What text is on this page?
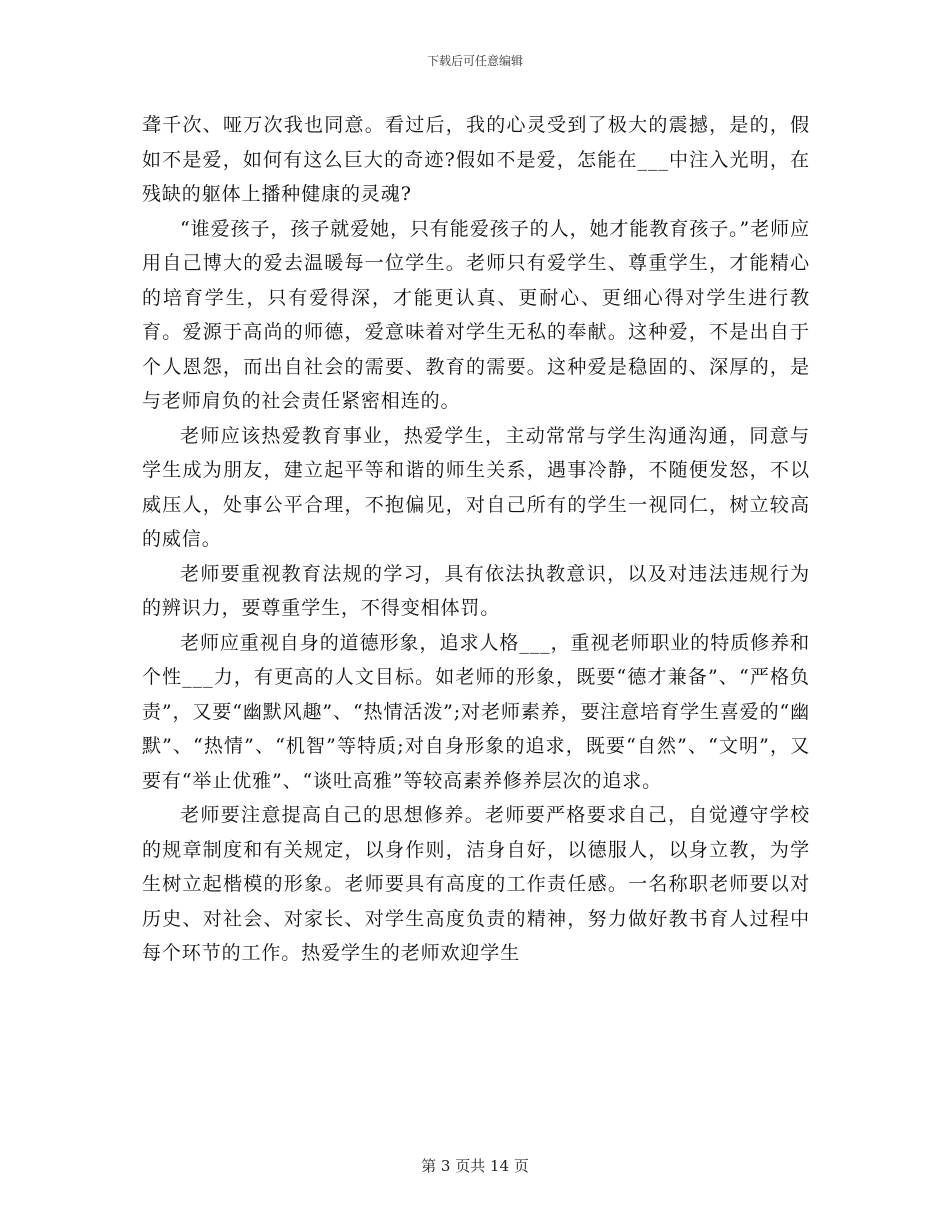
下载后可任意编辑

聋千次、哑万次我也同意。看过后，我的心灵受到了极大的震撼，是的，假如不是爱，如何有这么巨大的奇迹?假如不是爱，怎能在___中注入光明，在残缺的躯体上播种健康的灵魂?

“谁爱孩子，孩子就爱她，只有能爱孩子的人，她才能教育孩子。”老师应用自己博大的爱去温暖每一位学生。老师只有爱学生、尊重学生，才能精心的培育学生，只有爱得深，才能更认真、更耐心、更细心得对学生进行教育。爱源于高尚的师德，爱意味着对学生无私的奉献。这种爱，不是出自于个人恩怨，而出自社会的需要、教育的需要。这种爱是稳固的、深厚的，是与老师肩负的社会责任紧密相连的。

老师应该热爱教育事业，热爱学生，主动常常与学生沟通沟通，同意与学生成为朋友，建立起平等和谐的师生关系，遇事冷静，不随便发怒，不以威压人，处事公平合理，不抱偏见，对自己所有的学生一视同仁，树立较高的威信。

老师要重视教育法规的学习，具有依法执教意识，以及对违法违规行为的辨识力，要尊重学生，不得变相体罚。

老师应重视自身的道德形象，追求人格___，重视老师职业的特质修养和个性___力，有更高的人文目标。如老师的形象，既要“德才兼备”、“严格负责”，又要“幽默风趣”、“热情活泼”;对老师素养，要注意培育学生喜爱的“幽默”、“热情”、“机智”等特质;对自身形象的追求，既要“自然”、“文明”，又要有“举止优雅”、“谈吐高雅”等较高素养修养层次的追求。

老师要注意提高自己的思想修养。老师要严格要求自己，自觉遵守学校的规章制度和有关规定，以身作则，洁身自好，以德服人，以身立教，为学生树立起楷模的形象。老师要具有高度的工作责任感。一名称职老师要以对历史、对社会、对家长、对学生高度负责的精神，努力做好教书育人过程中每个环节的工作。热爱学生的老师欢迎学生

第 3 页共 14 页
